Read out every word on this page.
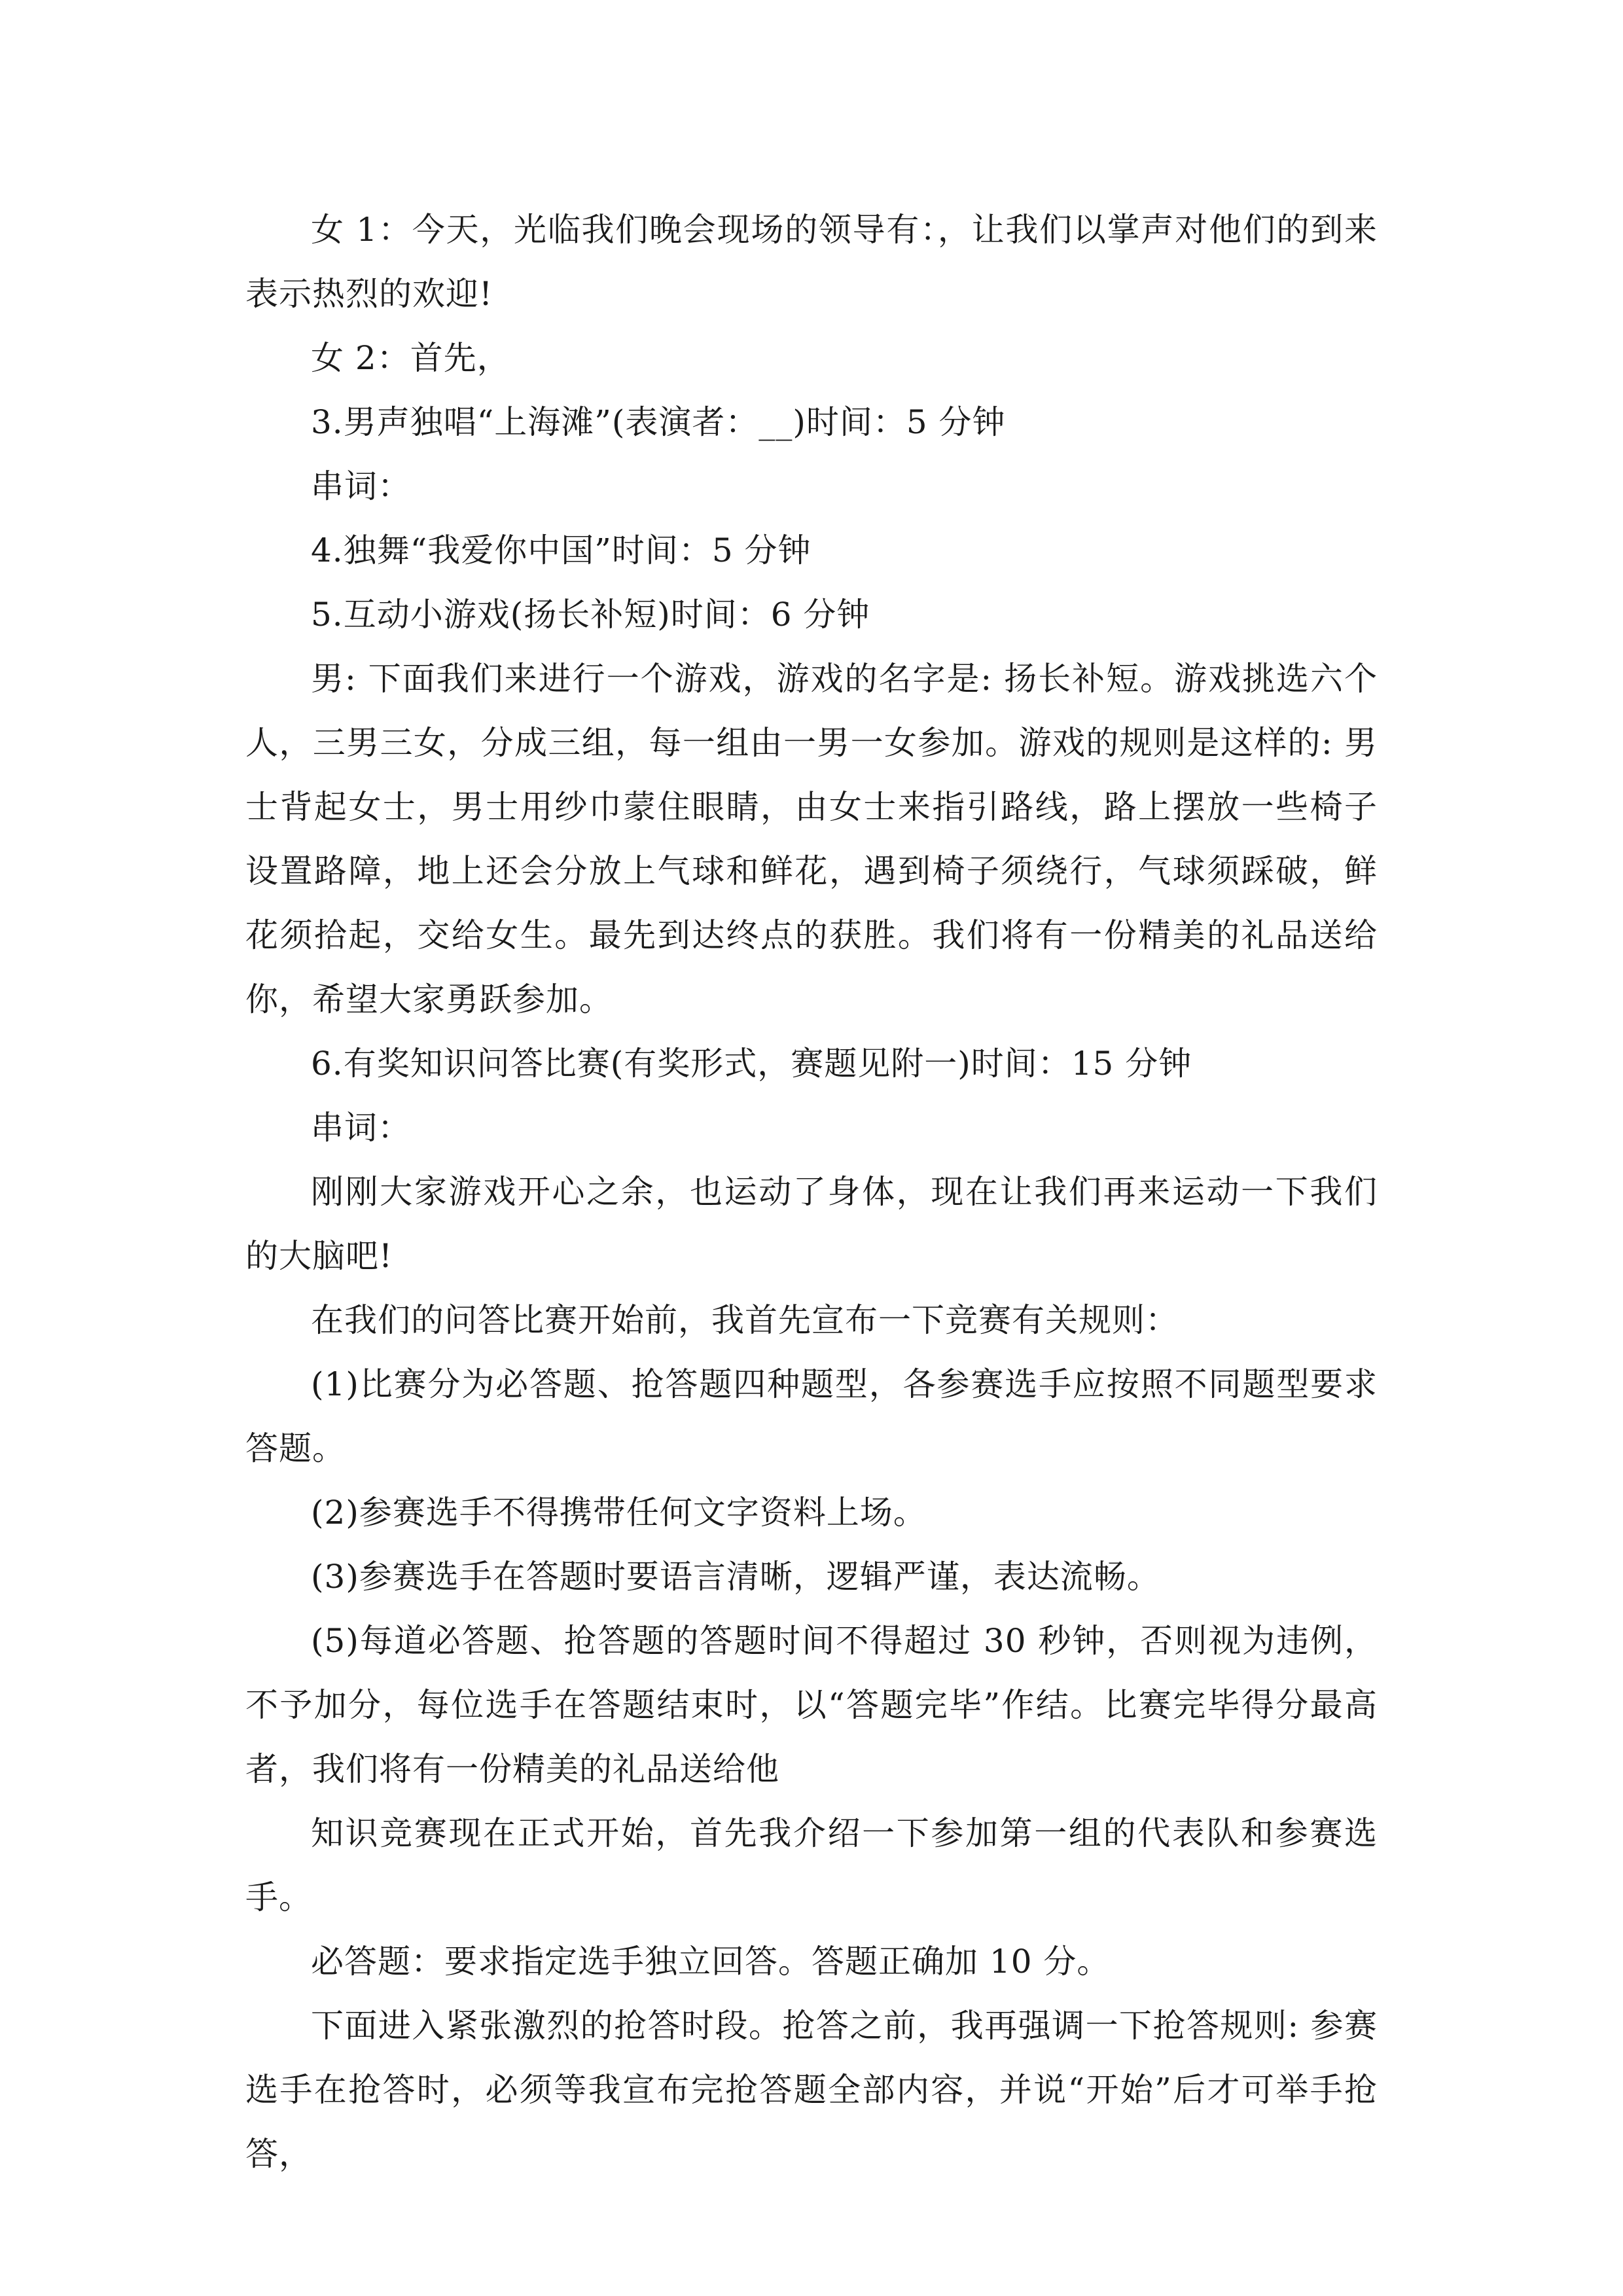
女 1：今天，光临我们晚会现场的领导有：，让我们以掌声对他们的到来表示热烈的欢迎!

女 2：首先，

3.男声独唱“上海滩”(表演者：__)时间：5 分钟

串词：

4.独舞“我爱你中国”时间：5 分钟

5.互动小游戏(扬长补短)时间：6 分钟

男: 下面我们来进行一个游戏，游戏的名字是: 扬长补短。游戏挑选六个人，三男三女，分成三组，每一组由一男一女参加。游戏的规则是这样的: 男士背起女士，男士用纱巾蒙住眼睛，由女士来指引路线，路上摆放一些椅子设置路障，地上还会分放上气球和鲜花，遇到椅子须绕行，气球须踩破，鲜花须拾起，交给女生。最先到达终点的获胜。我们将有一份精美的礼品送给你，希望大家勇跃参加。

6.有奖知识问答比赛(有奖形式，赛题见附一)时间：15 分钟

串词：

刚刚大家游戏开心之余，也运动了身体，现在让我们再来运动一下我们的大脑吧!

在我们的问答比赛开始前，我首先宣布一下竞赛有关规则：

(1)比赛分为必答题、抢答题四种题型，各参赛选手应按照不同题型要求答题。

(2)参赛选手不得携带任何文字资料上场。

(3)参赛选手在答题时要语言清晰，逻辑严谨，表达流畅。

(5)每道必答题、抢答题的答题时间不得超过 30 秒钟，否则视为违例，不予加分，每位选手在答题结束时，以“答题完毕”作结。比赛完毕得分最高者，我们将有一份精美的礼品送给他

知识竞赛现在正式开始，首先我介绍一下参加第一组的代表队和参赛选手。

必答题：要求指定选手独立回答。答题正确加 10 分。

下面进入紧张激烈的抢答时段。抢答之前，我再强调一下抢答规则: 参赛选手在抢答时，必须等我宣布完抢答题全部内容，并说“开始”后才可举手抢答，
